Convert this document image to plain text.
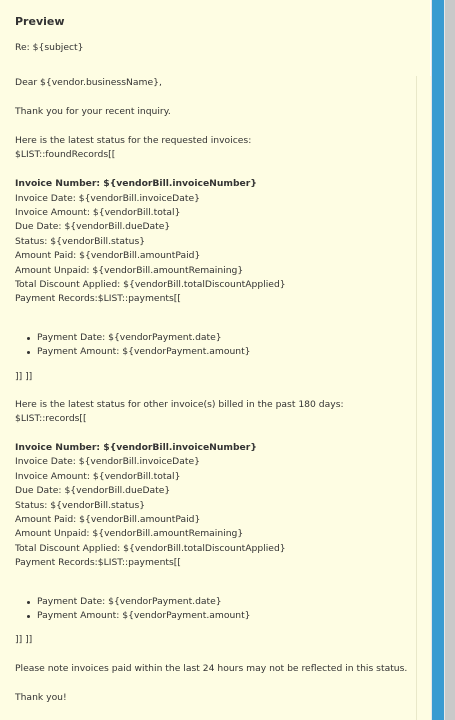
Preview
Re: ${subject}
Dear ${vendor.businessName},
Thank you for your recent inquiry.
Here is the latest status for the requested invoices:
$LIST::foundRecords[[
Invoice Number: ${vendorBill.invoiceNumber}
Invoice Date: ${vendorBill.invoiceDate}
Invoice Amount: ${vendorBill.total}
Due Date: ${vendorBill.dueDate}
Status: ${vendorBill.status}
Amount Paid: ${vendorBill.amountPaid}
Amount Unpaid: ${vendorBill.amountRemaining}
Total Discount Applied: ${vendorBill.totalDiscountApplied}
Payment Records:$LIST::payments[[
Payment Date: ${vendorPayment.date}
Payment Amount: ${vendorPayment.amount}
]] ]]
Here is the latest status for other invoice(s) billed in the past 180 days:
$LIST::records[[
Invoice Number: ${vendorBill.invoiceNumber}
Invoice Date: ${vendorBill.invoiceDate}
Invoice Amount: ${vendorBill.total}
Due Date: ${vendorBill.dueDate}
Status: ${vendorBill.status}
Amount Paid: ${vendorBill.amountPaid}
Amount Unpaid: ${vendorBill.amountRemaining}
Total Discount Applied: ${vendorBill.totalDiscountApplied}
Payment Records:$LIST::payments[[
Payment Date: ${vendorPayment.date}
Payment Amount: ${vendorPayment.amount}
]] ]]
Please note invoices paid within the last 24 hours may not be reflected in this status.
Thank you!
